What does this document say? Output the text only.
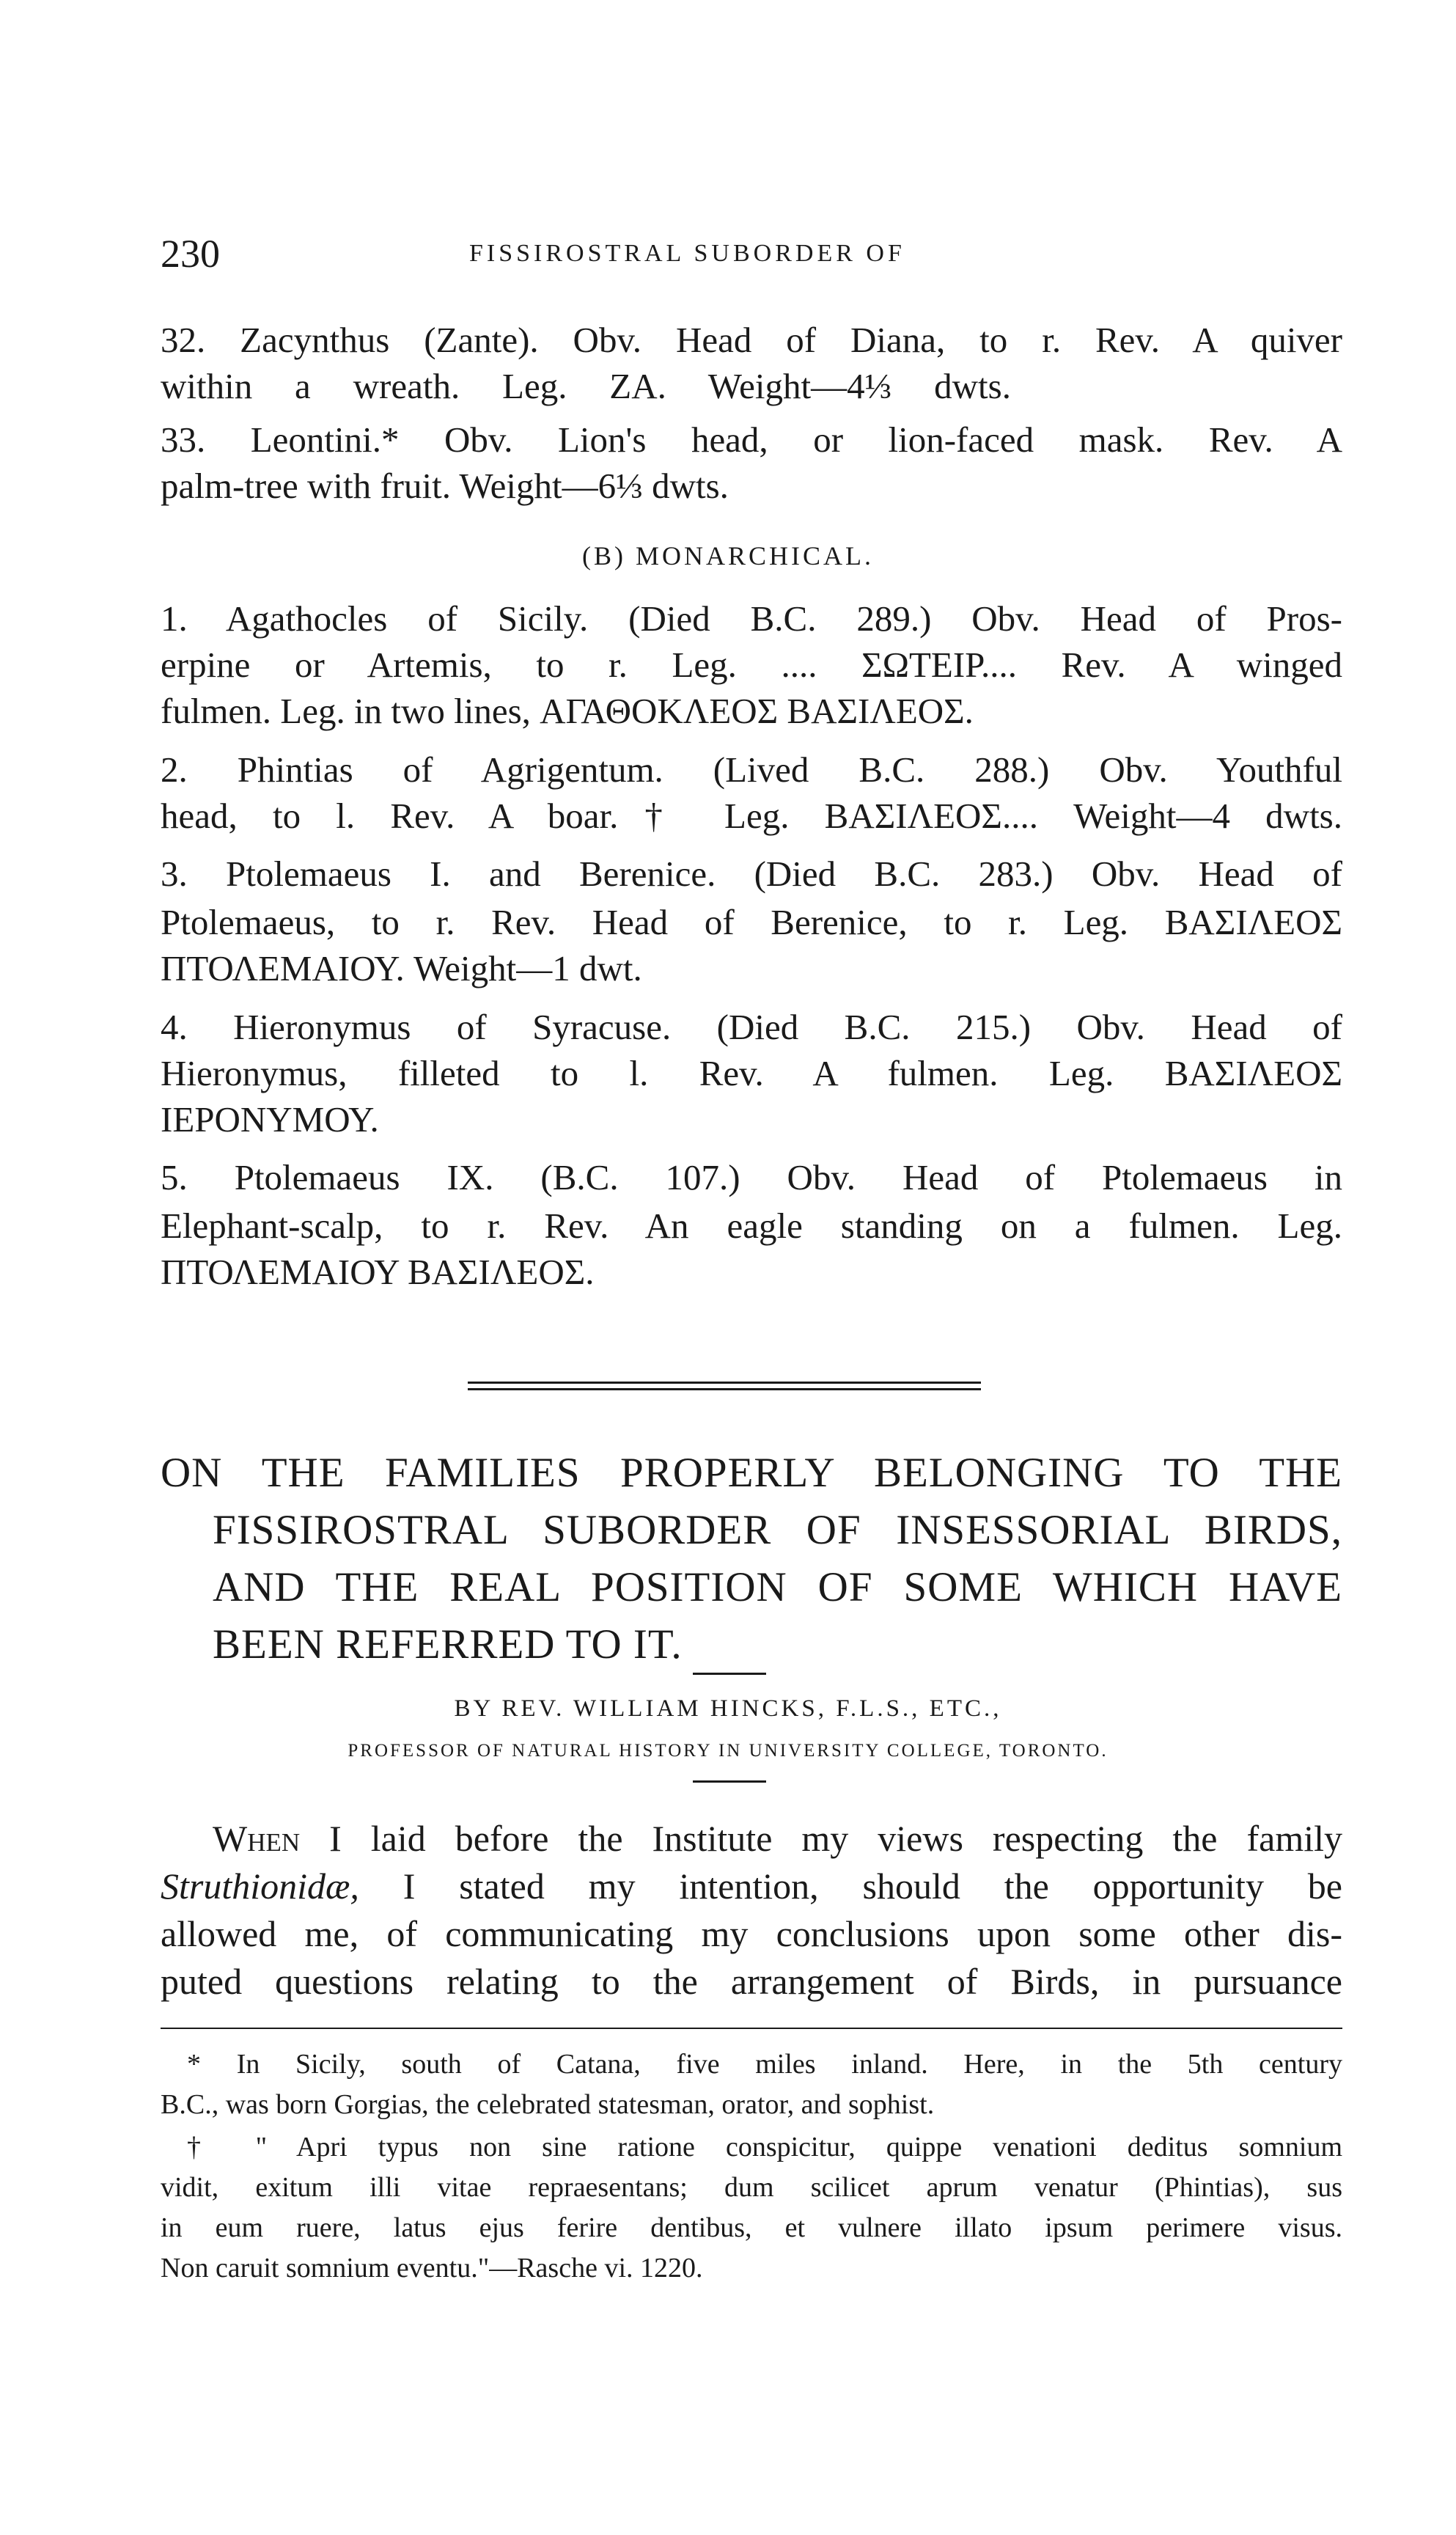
230	FISSIROSTRAL SUBORDER OF
32. Zacynthus (Zante). Obv. Head of Diana, to r. Rev. A quiver
within a wreath. Leg. ZA. Weight—4⅓ dwts.
33. Leontini.* Obv. Lion's head, or lion-faced mask. Rev. A
palm-tree with fruit. Weight—6⅓ dwts.
(B) MONARCHICAL.
1. Agathocles of Sicily. (Died B.C. 289.) Obv. Head of Pros-
erpine or Artemis, to r. Leg. .... ΣΩΤΕΙΡ.... Rev. A winged
fulmen. Leg. in two lines, ΑΓΑΘΟΚΛΕΟΣ ΒΑΣΙΛΕΟΣ.
2. Phintias of Agrigentum. (Lived B.C. 288.) Obv. Youthful
head, to l. Rev. A boar.† Leg. ΒΑΣΙΛΕΟΣ.... Weight—4 dwts.
3. Ptolemaeus I. and Berenice. (Died B.C. 283.) Obv. Head of
Ptolemaeus, to r. Rev. Head of Berenice, to r. Leg. ΒΑΣΙΛΕΟΣ
ΠΤΟΛΕΜΑΙΟΥ. Weight—1 dwt.
4. Hieronymus of Syracuse. (Died B.C. 215.) Obv. Head of
Hieronymus, filleted to l. Rev. A fulmen. Leg. ΒΑΣΙΛΕΟΣ
ΙΕΡΟΝΥΜΟΥ.
5. Ptolemaeus IX. (B.C. 107.) Obv. Head of Ptolemaeus in
Elephant-scalp, to r. Rev. An eagle standing on a fulmen. Leg.
ΠΤΟΛΕΜΑΙΟΥ ΒΑΣΙΛΕΟΣ.
ON THE FAMILIES PROPERLY BELONGING TO THE
FISSIROSTRAL SUBORDER OF INSESSORIAL BIRDS,
AND THE REAL POSITION OF SOME WHICH HAVE
BEEN REFERRED TO IT.
BY REV. WILLIAM HINCKS, F.L.S., ETC.,
PROFESSOR OF NATURAL HISTORY IN UNIVERSITY COLLEGE, TORONTO.
When I laid before the Institute my views respecting the family
Struthionidæ, I stated my intention, should the opportunity be
allowed me, of communicating my conclusions upon some other dis-
puted questions relating to the arrangement of Birds, in pursuance
* In Sicily, south of Catana, five miles inland. Here, in the 5th century
B.C., was born Gorgias, the celebrated statesman, orator, and sophist.
† " Apri typus non sine ratione conspicitur, quippe venationi deditus somnium
vidit, exitum illi vitae repraesentans; dum scilicet aprum venatur (Phintias), sus
in eum ruere, latus ejus ferire dentibus, et vulnere illato ipsum perimere visus.
Non caruit somnium eventu."—Rasche vi. 1220.
